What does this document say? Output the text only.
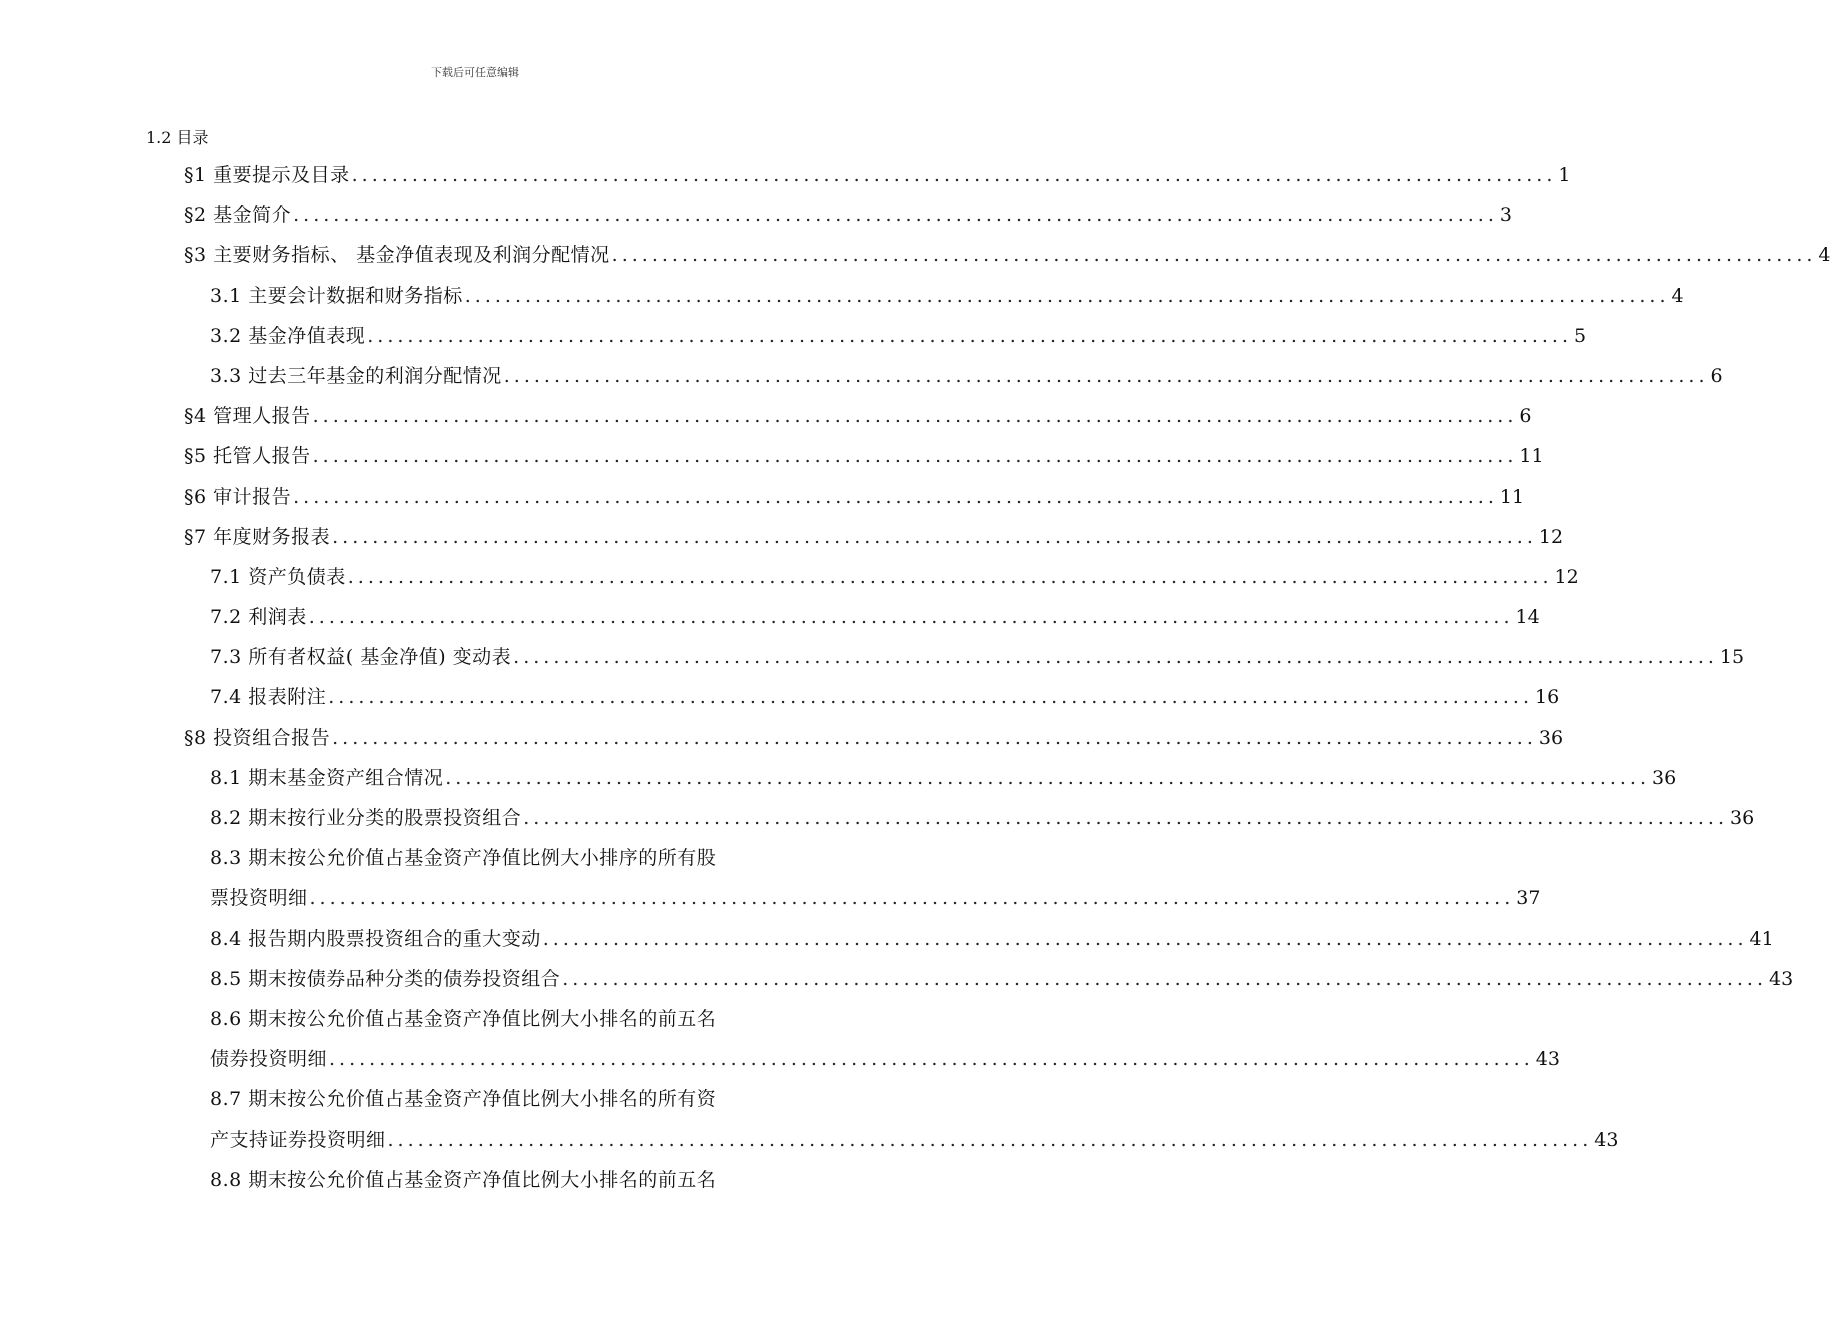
下载后可任意编辑
1.2 目录
§1 重要提示及目录 ........................................................................................................................ 1
§2 基金简介 ........................................................................................................................ 3
§3 主要财务指标、 基金净值表现及利润分配情况 ........................................................................................................................ 4
3.1 主要会计数据和财务指标 ........................................................................................................................ 4
3.2 基金净值表现 ........................................................................................................................ 5
3.3 过去三年基金的利润分配情况 ........................................................................................................................ 6
§4 管理人报告 ........................................................................................................................ 6
§5 托管人报告 ........................................................................................................................ 11
§6 审计报告 ........................................................................................................................ 11
§7 年度财务报表 ........................................................................................................................ 12
7.1 资产负债表 ........................................................................................................................ 12
7.2 利润表 ........................................................................................................................ 14
7.3 所有者权益( 基金净值) 变动表 ........................................................................................................................ 15
7.4 报表附注 ........................................................................................................................ 16
§8 投资组合报告 ........................................................................................................................ 36
8.1 期末基金资产组合情况 ........................................................................................................................ 36
8.2 期末按行业分类的股票投资组合 ........................................................................................................................ 36
8.3 期末按公允价值占基金资产净值比例大小排序的所有股
票投资明细 ........................................................................................................................ 37
8.4 报告期内股票投资组合的重大变动 ........................................................................................................................ 41
8.5 期末按债券品种分类的债券投资组合 ........................................................................................................................ 43
8.6 期末按公允价值占基金资产净值比例大小排名的前五名
债券投资明细 ........................................................................................................................ 43
8.7 期末按公允价值占基金资产净值比例大小排名的所有资
产支持证券投资明细 ........................................................................................................................ 43
8.8 期末按公允价值占基金资产净值比例大小排名的前五名
